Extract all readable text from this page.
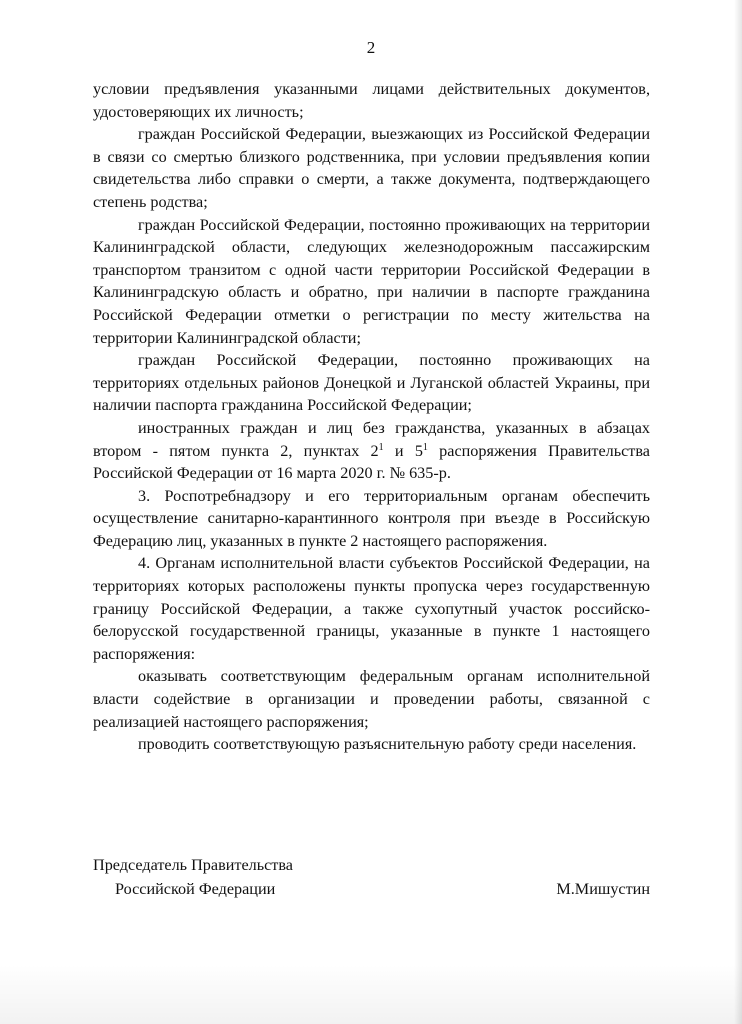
2

условии предъявления указанными лицами действительных документов, удостоверяющих их личность;

граждан Российской Федерации, выезжающих из Российской Федерации в связи со смертью близкого родственника, при условии предъявления копии свидетельства либо справки о смерти, а также документа, подтверждающего степень родства;

граждан Российской Федерации, постоянно проживающих на территории Калининградской области, следующих железнодорожным пассажирским транспортом транзитом с одной части территории Российской Федерации в Калининградскую область и обратно, при наличии в паспорте гражданина Российской Федерации отметки о регистрации по месту жительства на территории Калининградской области;

граждан Российской Федерации, постоянно проживающих на территориях отдельных районов Донецкой и Луганской областей Украины, при наличии паспорта гражданина Российской Федерации;

иностранных граждан и лиц без гражданства, указанных в абзацах втором - пятом пункта 2, пунктах $2^1$ и $5^1$ распоряжения Правительства Российской Федерации от 16 марта 2020 г. № 635-р.

3. Роспотребнадзору и его территориальным органам обеспечить осуществление санитарно-карантинного контроля при въезде в Российскую Федерацию лиц, указанных в пункте 2 настоящего распоряжения.

4. Органам исполнительной власти субъектов Российской Федерации, на территориях которых расположены пункты пропуска через государственную границу Российской Федерации, а также сухопутный участок российско-белорусской государственной границы, указанные в пункте 1 настоящего распоряжения:

оказывать соответствующим федеральным органам исполнительной власти содействие в организации и проведении работы, связанной с реализацией настоящего распоряжения;

проводить соответствующую разъяснительную работу среди населения.

Председатель Правительства
Российской Федерации	М.Мишустин
